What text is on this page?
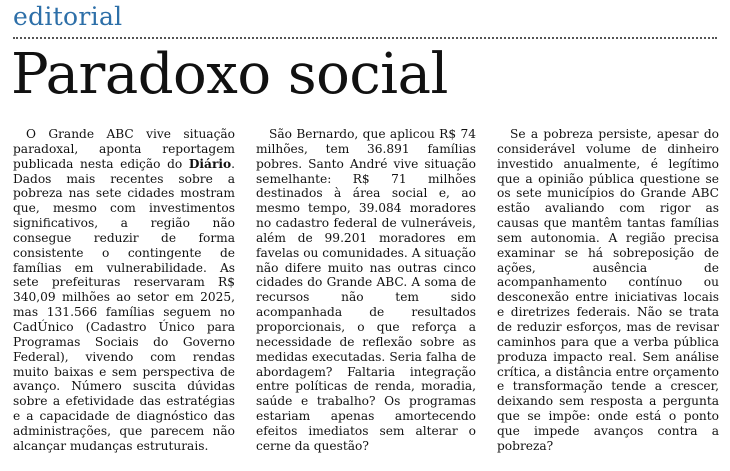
editorial
Paradoxo social

O Grande ABC vive situação paradoxal, aponta reportagem publicada nesta edição do Diário. Dados mais recentes sobre a pobreza nas sete cidades mostram que, mesmo com investimentos significativos, a região não consegue reduzir de forma consistente o contingente de famílias em vulnerabilidade. As sete prefeituras reservaram R$ 340,09 milhões ao setor em 2025, mas 131.566 famílias seguem no CadÚnico (Cadastro Único para Programas Sociais do Governo Federal), vivendo com rendas muito baixas e sem perspectiva de avanço. Número suscita dúvidas sobre a efetividade das estratégias e a capacidade de diagnóstico das administrações, que parecem não alcançar mudanças estruturais.

São Bernardo, que aplicou R$ 74 milhões, tem 36.891 famílias pobres. Santo André vive situação semelhante: R$ 71 milhões destinados à área social e, ao mesmo tempo, 39.084 moradores no cadastro federal de vulneráveis, além de 99.201 moradores em favelas ou comunidades. A situação não difere muito nas outras cinco cidades do Grande ABC. A soma de recursos não tem sido acompanhada de resultados proporcionais, o que reforça a necessidade de reflexão sobre as medidas executadas. Seria falha de abordagem? Faltaria integração entre políticas de renda, moradia, saúde e trabalho? Os programas estariam apenas amortecendo efeitos imediatos sem alterar o cerne da questão?

Se a pobreza persiste, apesar do considerável volume de dinheiro investido anualmente, é legítimo que a opinião pública questione se os sete municípios do Grande ABC estão avaliando com rigor as causas que mantêm tantas famílias sem autonomia. A região precisa examinar se há sobreposição de ações, ausência de acompanhamento contínuo ou desconexão entre iniciativas locais e diretrizes federais. Não se trata de reduzir esforços, mas de revisar caminhos para que a verba pública produza impacto real. Sem análise crítica, a distância entre orçamento e transformação tende a crescer, deixando sem resposta a pergunta que se impõe: onde está o ponto que impede avanços contra a pobreza?
